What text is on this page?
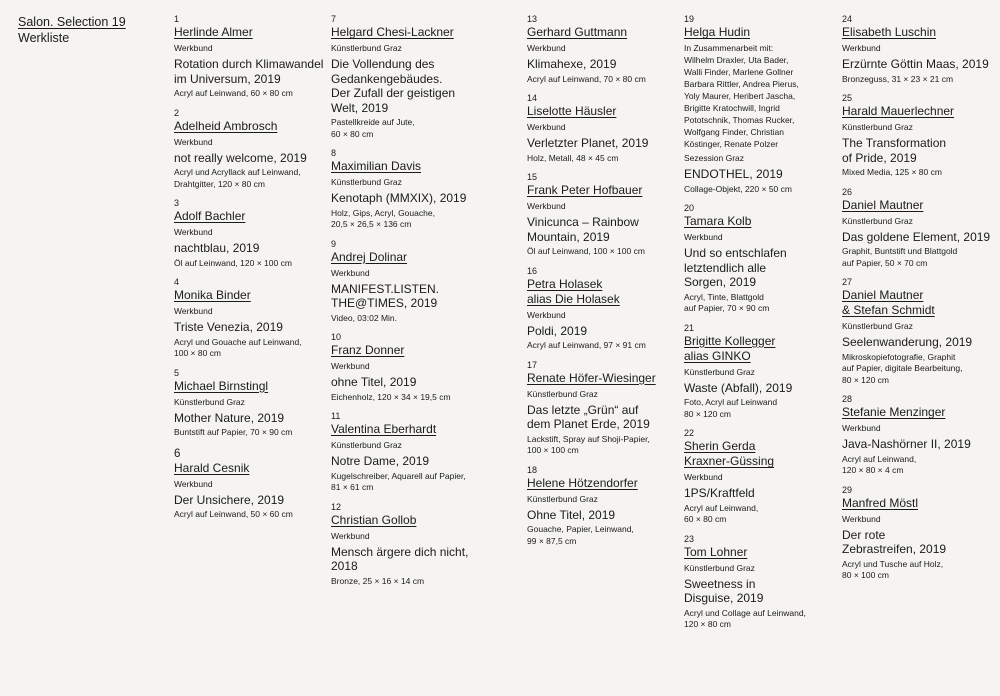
Salon. Selection 19
Werkliste
1
Herlinde Almer
Werkbund
Rotation durch Klimawandel
im Universum, 2019
Acryl auf Leinwand, 60 × 80 cm
2
Adelheid Ambrosch
Werkbund
not really welcome, 2019
Acryl und Acryllack auf Leinwand,
Drahtgitter, 120 × 80 cm
3
Adolf Bachler
Werkbund
nachtblau, 2019
Öl auf Leinwand, 120 × 100 cm
4
Monika Binder
Werkbund
Triste Venezia, 2019
Acryl und Gouache auf Leinwand,
100 × 80 cm
5
Michael Birnstingl
Künstlerbund Graz
Mother Nature, 2019
Buntstift auf Papier, 70 × 90 cm
6
Harald Cesnik
Werkbund
Der Unsichere, 2019
Acryl auf Leinwand, 50 × 60 cm
7
Helgard Chesi-Lackner
Künstlerbund Graz
Die Vollendung des
Gedankengebäudes.
Der Zufall der geistigen
Welt, 2019
Pastellkreide auf Jute,
60 × 80 cm
8
Maximilian Davis
Künstlerbund Graz
Kenotaph (MMXIX), 2019
Holz, Gips, Acryl, Gouache,
20,5 × 26,5 × 136 cm
9
Andrej Dolinar
Werkbund
MANIFEST.LISTEN.
THE@TIMES, 2019
Video, 03:02 Min.
10
Franz Donner
Werkbund
ohne Titel, 2019
Eichenholz, 120 × 34 × 19,5 cm
11
Valentina Eberhardt
Künstlerbund Graz
Notre Dame, 2019
Kugelschreiber, Aquarell auf Papier,
81 × 61 cm
12
Christian Gollob
Werkbund
Mensch ärgere dich nicht,
2018
Bronze, 25 × 16 × 14 cm
13
Gerhard Guttmann
Werkbund
Klimahexe, 2019
Acryl auf Leinwand, 70 × 80 cm
14
Liselotte Häusler
Werkbund
Verletzter Planet, 2019
Holz, Metall, 48 × 45 cm
15
Frank Peter Hofbauer
Werkbund
Vinicunca – Rainbow
Mountain, 2019
Öl auf Leinwand, 100 × 100 cm
16
Petra Holasek
alias Die Holasek
Werkbund
Poldi, 2019
Acryl auf Leinwand, 97 × 91 cm
17
Renate Höfer-Wiesinger
Künstlerbund Graz
Das letzte „Grün“ auf
dem Planet Erde, 2019
Lackstift, Spray auf Shoji-Papier,
100 × 100 cm
18
Helene Hötzendorfer
Künstlerbund Graz
Ohne Titel, 2019
Gouache, Papier, Leinwand,
99 × 87,5 cm
19
Helga Hudin
In Zusammenarbeit mit:
Wilhelm Draxler, Uta Bader,
Walli Finder, Marlene Gollner
Barbara Rittler, Andrea Pierus,
Yoly Maurer, Heribert Jascha,
Brigitte Kratochwill, Ingrid
Pototschnik, Thomas Rucker,
Wolfgang Finder, Christian
Köstinger, Renate Polzer
Sezession Graz
ENDOTHEL, 2019
Collage-Objekt, 220 × 50 cm
20
Tamara Kolb
Werkbund
Und so entschlafen
letztendlich alle
Sorgen, 2019
Acryl, Tinte, Blattgold
auf Papier, 70 × 90 cm
21
Brigitte Kollegger
alias GINKO
Künstlerbund Graz
Waste (Abfall), 2019
Foto, Acryl auf Leinwand
80 × 120 cm
22
Sherin Gerda
Kraxner-Güssing
Werkbund
1PS/Kraftfeld
Acryl auf Leinwand,
60 × 80 cm
23
Tom Lohner
Künstlerbund Graz
Sweetness in
Disguise, 2019
Acryl und Collage auf Leinwand,
120 × 80 cm
24
Elisabeth Luschin
Werkbund
Erzürnte Göttin Maas, 2019
Bronzeguss, 31 × 23 × 21 cm
25
Harald Mauerlechner
Künstlerbund Graz
The Transformation
of Pride, 2019
Mixed Media, 125 × 80 cm
26
Daniel Mautner
Künstlerbund Graz
Das goldene Element, 2019
Graphit, Buntstift und Blattgold
auf Papier, 50 × 70 cm
27
Daniel Mautner
& Stefan Schmidt
Künstlerbund Graz
Seelenwanderung, 2019
Mikroskopiefotografie, Graphit
auf Papier, digitale Bearbeitung,
80 × 120 cm
28
Stefanie Menzinger
Werkbund
Java-Nashörner II, 2019
Acryl auf Leinwand,
120 × 80 × 4 cm
29
Manfred Möstl
Werkbund
Der rote
Zebrastreifen, 2019
Acryl und Tusche auf Holz,
80 × 100 cm
